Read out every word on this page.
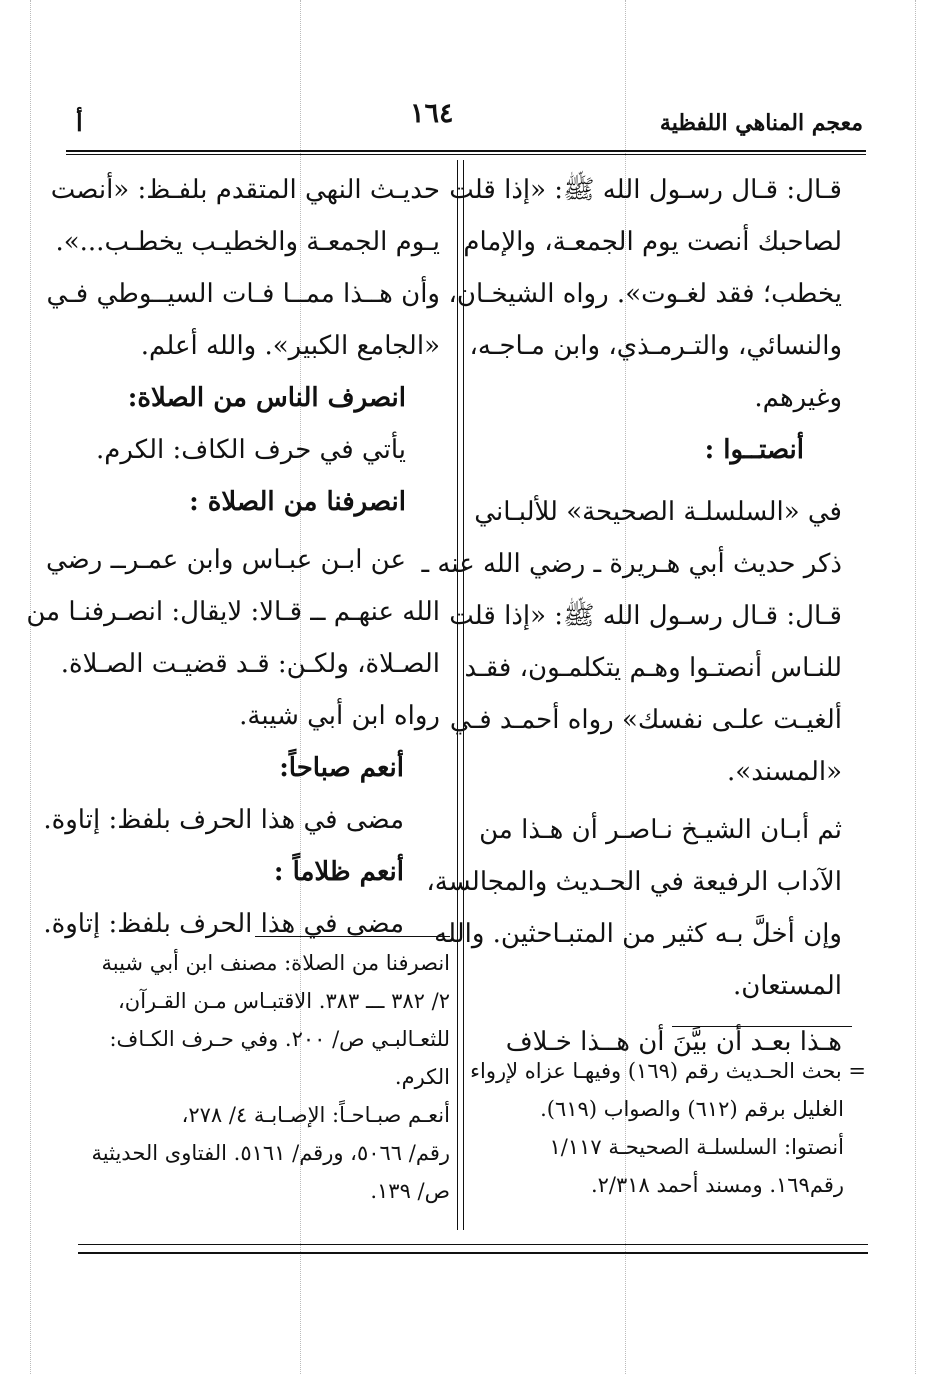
معجم المناهي اللفظية
١٦٤
أ

قـال: قـال رسـول الله ﷺ: «إذا قلت

لصاحبك أنصت يوم الجمعـة، والإمام

يخطب؛ فقد لغـوت». رواه الشيخـان،

والنسائي، والتـرمـذي، وابن مـاجـه،

وغيرهم.

أنصتــوا :

في «السلسلـة الصحيحة» للألبـاني

ذكر حديث أبي هـريرة ـ رضي الله عنه ـ

قـال: قـال رسـول الله ﷺ: «إذا قلت

للنـاس أنصتـوا وهـم يتكلمـون، فقـد

ألغيـت علـى نفسك» رواه أحمـد فـي

«المسند».

ثم أبـان الشيـخ نـاصـر أن هـذا من

الآداب الرفيعة في الحـديث والمجالسة،

وإن أخلَّ بـه كثير من المتبـاحثين. والله

المستعان.

هـذا بعـد أن بيَّنَ أن هــذا خـلاف

= بحث الحـديث رقم (١٦٩) وفيهـا عزاه لإرواء

الغليل برقم (٦١٢) والصواب (٦١٩).

أنصتوا: السلسلـة الصحيحـة ١/١١٧

رقم١٦٩. ومسند أحمد ٢/٣١٨.

حديـث النهي المتقدم بلفـظ: «أنصت

يـوم الجمعـة والخطيـب يخطـب...».

وأن هــذا ممــا فـات السيــوطي فـي

«الجامع الكبير». والله أعلم.

انصرف الناس من الصلاة:

يأتي في حرف الكاف: الكرم.

انصرفنا من الصلاة :

عن ابـن عبـاس وابن عمـرــ رضي

الله عنهـم ــ قـالا: لايقال: انصـرفنـا من

الصـلاة، ولكـن: قـد قضيـت الصـلاة.

رواه ابن أبي شيبة.

أنعم صباحاً:

مضى في هذا الحرف بلفظ: إتاوة.

أنعم ظلاماً :

مضى في هذا الحرف بلفظ: إتاوة.

انصرفنا من الصلاة: مصنف ابن أبي شيبة

٢/ ٣٨٢ ـــ ٣٨٣. الاقتبـاس مـن القـرآن،

للثعـالبـي ص/ ٢٠٠. وفي حـرف الكـاف:

الكرم.

أنعـم صبـاحـاً: الإصـابـة ٤/ ٢٧٨،

رقم/ ٥٠٦٦، ورقم/ ٥١٦١. الفتاوى الحديثية

ص/ ١٣٩.
